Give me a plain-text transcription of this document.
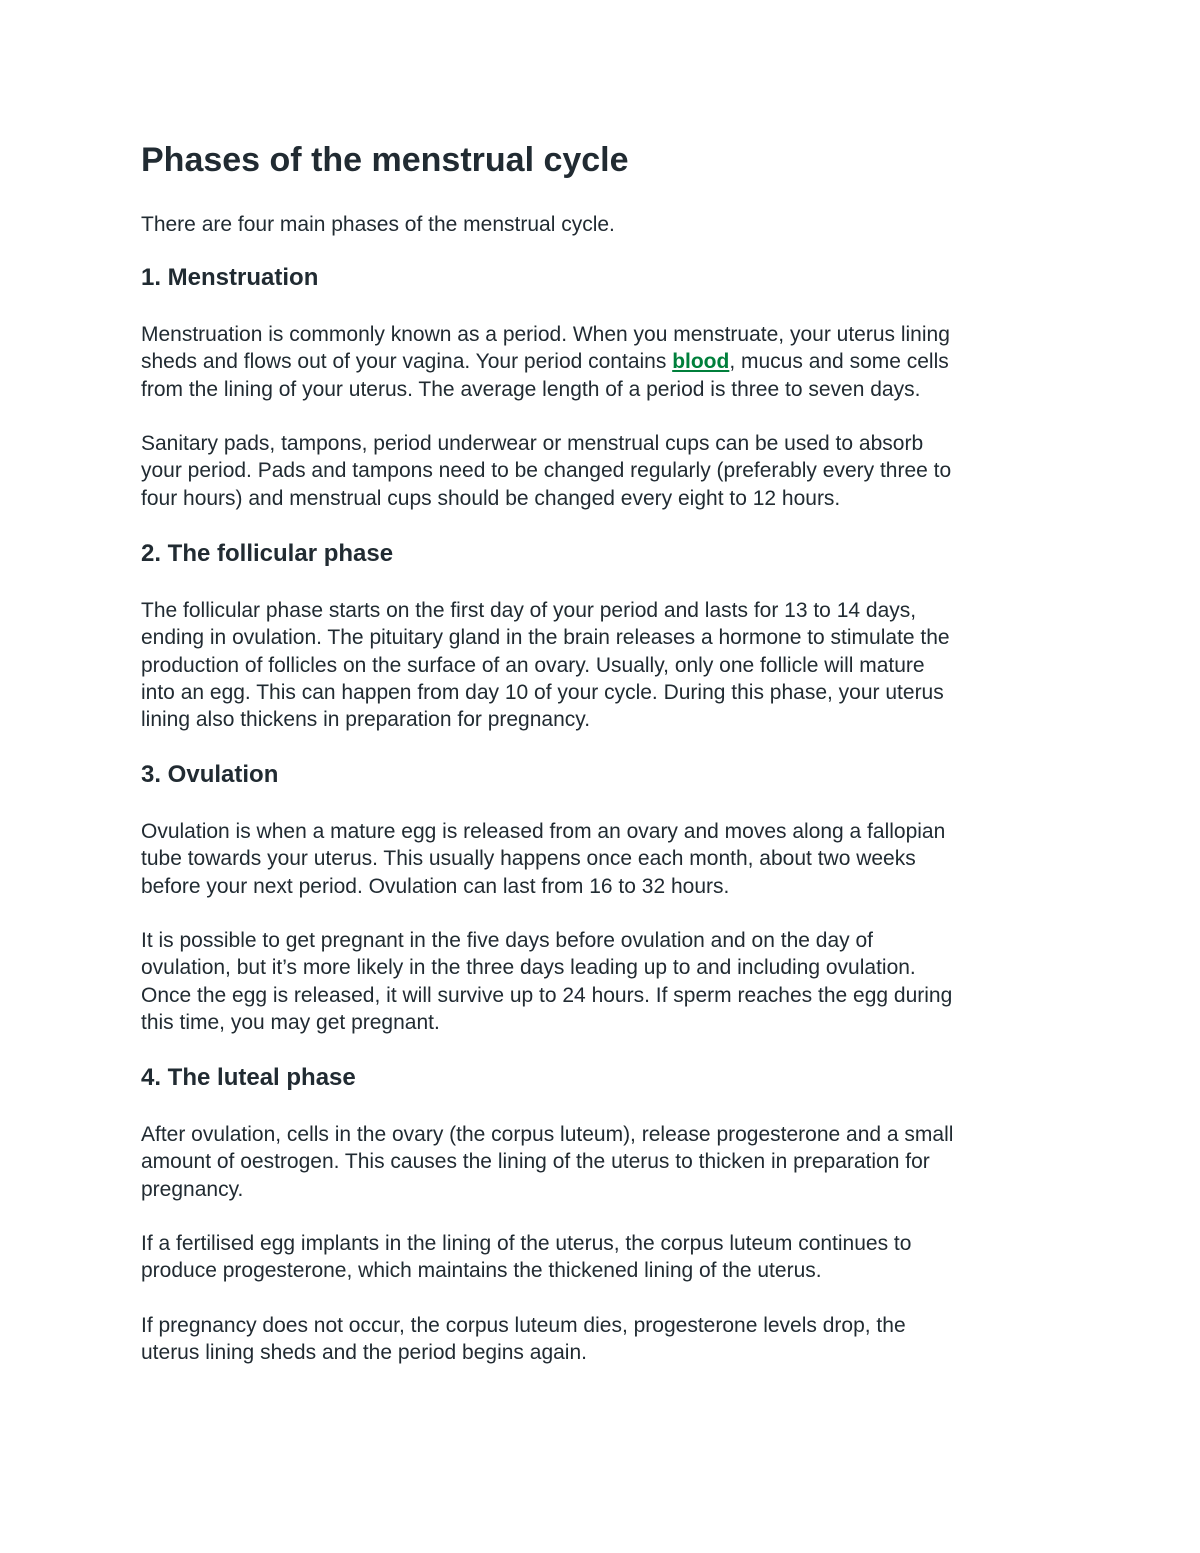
Phases of the menstrual cycle

There are four main phases of the menstrual cycle.

1. Menstruation

Menstruation is commonly known as a period. When you menstruate, your uterus lining
sheds and flows out of your vagina. Your period contains blood, mucus and some cells
from the lining of your uterus. The average length of a period is three to seven days.

Sanitary pads, tampons, period underwear or menstrual cups can be used to absorb
your period. Pads and tampons need to be changed regularly (preferably every three to
four hours) and menstrual cups should be changed every eight to 12 hours.

2. The follicular phase

The follicular phase starts on the first day of your period and lasts for 13 to 14 days,
ending in ovulation. The pituitary gland in the brain releases a hormone to stimulate the
production of follicles on the surface of an ovary. Usually, only one follicle will mature
into an egg. This can happen from day 10 of your cycle. During this phase, your uterus
lining also thickens in preparation for pregnancy.

3. Ovulation

Ovulation is when a mature egg is released from an ovary and moves along a fallopian
tube towards your uterus. This usually happens once each month, about two weeks
before your next period. Ovulation can last from 16 to 32 hours.

It is possible to get pregnant in the five days before ovulation and on the day of
ovulation, but it’s more likely in the three days leading up to and including ovulation.
Once the egg is released, it will survive up to 24 hours. If sperm reaches the egg during
this time, you may get pregnant.

4. The luteal phase

After ovulation, cells in the ovary (the corpus luteum), release progesterone and a small
amount of oestrogen. This causes the lining of the uterus to thicken in preparation for
pregnancy.

If a fertilised egg implants in the lining of the uterus, the corpus luteum continues to
produce progesterone, which maintains the thickened lining of the uterus.

If pregnancy does not occur, the corpus luteum dies, progesterone levels drop, the
uterus lining sheds and the period begins again.
